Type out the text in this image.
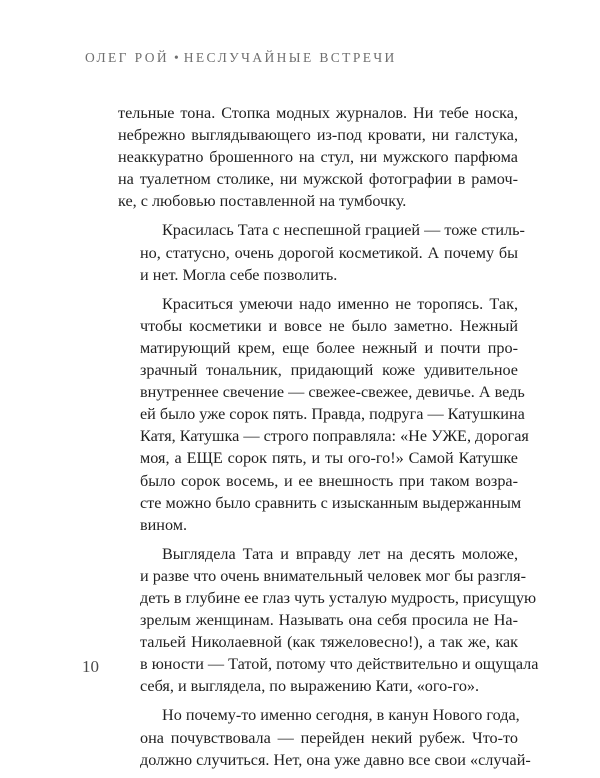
ОЛЕГ РОЙ • НЕСЛУЧАЙНЫЕ ВСТРЕЧИ
тельные тона. Стопка модных журналов. Ни тебе носка,
небрежно выглядывающего из-под кровати, ни галстука,
неаккуратно брошенного на стул, ни мужского парфюма
на туалетном столике, ни мужской фотографии в рамоч-
ке, с любовью поставленной на тумбочку.
Красилась Тата с неспешной грацией — тоже стиль-
но, статусно, очень дорогой косметикой. А почему бы
и нет. Могла себе позволить.
Краситься умеючи надо именно не торопясь. Так,
чтобы косметики и вовсе не было заметно. Нежный
матирующий крем, еще более нежный и почти про-
зрачный тональник, придающий коже удивительное
внутреннее свечение — свежее-свежее, девичье. А ведь
ей было уже сорок пять. Правда, подруга — Катушкина
Катя, Катушка — строго поправляла: «Не УЖЕ, дорогая
моя, а ЕЩЕ сорок пять, и ты ого-го!» Самой Катушке
было сорок восемь, и ее внешность при таком возра-
сте можно было сравнить с изысканным выдержанным
вином.
Выглядела Тата и вправду лет на десять моложе,
и разве что очень внимательный человек мог бы разгля-
деть в глубине ее глаз чуть усталую мудрость, присущую
зрелым женщинам. Называть она себя просила не На-
тальей Николаевной (как тяжеловесно!), а так же, как
в юности — Татой, потому что действительно и ощущала
себя, и выглядела, по выражению Кати, «ого-го».
Но почему-то именно сегодня, в канун Нового года,
она почувствовала — перейден некий рубеж. Что-то
должно случиться. Нет, она уже давно все свои «случай-
10
